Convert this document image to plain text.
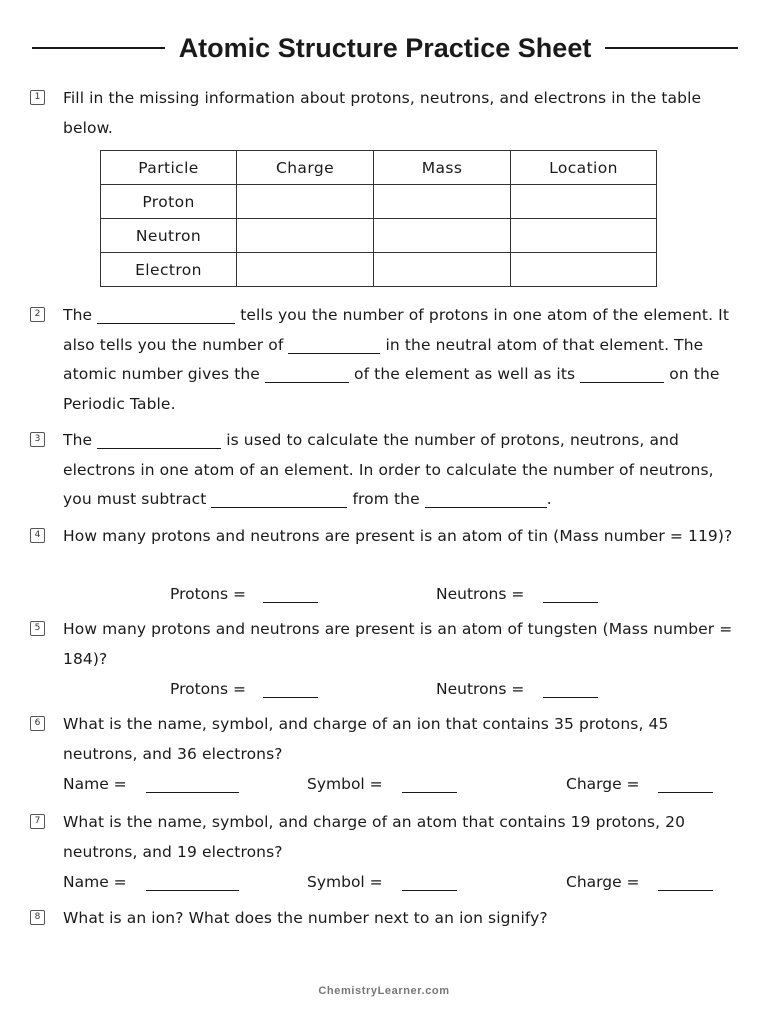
Atomic Structure Practice Sheet
1 Fill in the missing information about protons, neutrons, and electrons in the table below.
Particle	Charge	Mass	Location
Proton			
Neutron			
Electron			
2 The	tells you the number of protons in one atom of the element. It also tells you the number of	in the neutral atom of that element. The atomic number gives the	of the element as well as its	on the Periodic Table.
3 The	is used to calculate the number of protons, neutrons, and electrons in one atom of an element. In order to calculate the number of neutrons, you must subtract	from the	.
4 How many protons and neutrons are present is an atom of tin (Mass number = 119)?
Protons =	Neutrons =
5 How many protons and neutrons are present is an atom of tungsten (Mass number = 184)?
Protons =	Neutrons =
6 What is the name, symbol, and charge of an ion that contains 35 protons, 45 neutrons, and 36 electrons?
Name =	Symbol =	Charge =
7 What is the name, symbol, and charge of an atom that contains 19 protons, 20 neutrons, and 19 electrons?
Name =	Symbol =	Charge =
8 What is an ion? What does the number next to an ion signify?
ChemistryLearner.com
